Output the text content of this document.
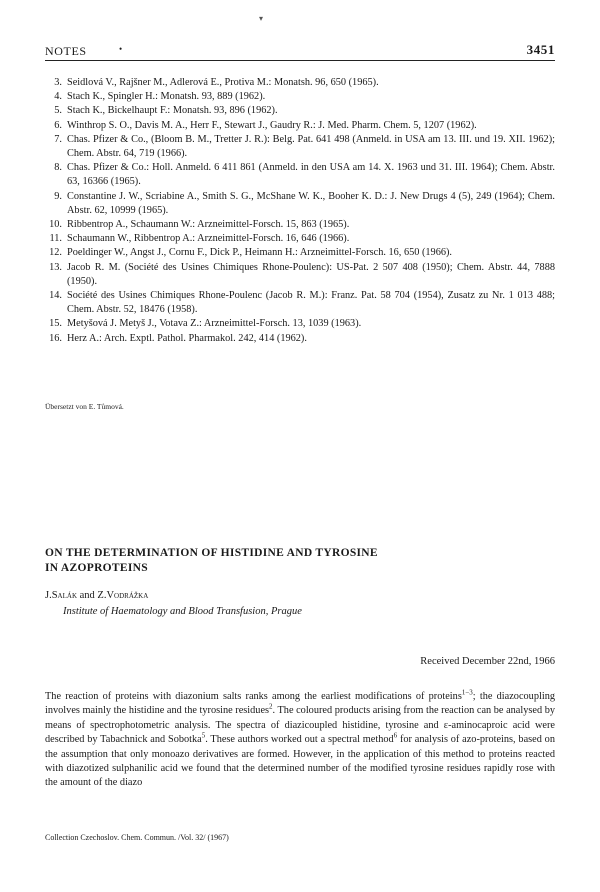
▾
NOTES	•	3451
3. Seidlová V., Rajšner M., Adlerová E., Protiva M.: Monatsh. 96, 650 (1965).
4. Stach K., Spingler H.: Monatsh. 93, 889 (1962).
5. Stach K., Bickelhaupt F.: Monatsh. 93, 896 (1962).
6. Winthrop S. O., Davis M. A., Herr F., Stewart J., Gaudry R.: J. Med. Pharm. Chem. 5, 1207 (1962).
7. Chas. Pfizer & Co., (Bloom B. M., Tretter J. R.): Belg. Pat. 641 498 (Anmeld. in USA am 13. III. und 19. XII. 1962); Chem. Abstr. 64, 719 (1966).
8. Chas. Pfizer & Co.: Holl. Anmeld. 6 411 861 (Anmeld. in den USA am 14. X. 1963 und 31. III. 1964); Chem. Abstr. 63, 16366 (1965).
9. Constantine J. W., Scriabine A., Smith S. G., McShane W. K., Booher K. D.: J. New Drugs 4 (5), 249 (1964); Chem. Abstr. 62, 10999 (1965).
10. Ribbentrop A., Schaumann W.: Arzneimittel-Forsch. 15, 863 (1965).
11. Schaumann W., Ribbentrop A.: Arzneimittel-Forsch. 16, 646 (1966).
12. Poeldinger W., Angst J., Cornu F., Dick P., Heimann H.: Arzneimittel-Forsch. 16, 650 (1966).
13. Jacob R. M. (Société des Usines Chimiques Rhone-Poulenc): US-Pat. 2 507 408 (1950); Chem. Abstr. 44, 7888 (1950).
14. Société des Usines Chimiques Rhone-Poulenc (Jacob R. M.): Franz. Pat. 58 704 (1954), Zusatz zu Nr. 1 013 488; Chem. Abstr. 52, 18476 (1958).
15. Metyšová J. Metyš J., Votava Z.: Arzneimittel-Forsch. 13, 1039 (1963).
16. Herz A.: Arch. Exptl. Pathol. Pharmakol. 242, 414 (1962).
Übersetzt von E. Tůmová.
ON THE DETERMINATION OF HISTIDINE AND TYROSINE
IN AZOPROTEINS
J.Salák and Z.Vodrážka
Institute of Haematology and Blood Transfusion, Prague
Received December 22nd, 1966
The reaction of proteins with diazonium salts ranks among the earliest modifications of proteins$^{1-3}$; the diazocoupling involves mainly the histidine and the tyrosine residues$^2$. The coloured products arising from the reaction can be analysed by means of spectrophotometric analysis. The spectra of diazicoupled histidine, tyrosine and ε-aminocaproic acid were described by Tabachnick and Sobotka$^5$. These authors worked out a spectral method$^6$ for analysis of azo-proteins, based on the assumption that only monoazo derivatives are formed. However, in the application of this method to proteins reacted with diazotized sulphanilic acid we found that the determined number of the modified tyrosine residues rapidly rose with the amount of the diazo
Collection Czechoslov. Chem. Commun. /Vol. 32/ (1967)
